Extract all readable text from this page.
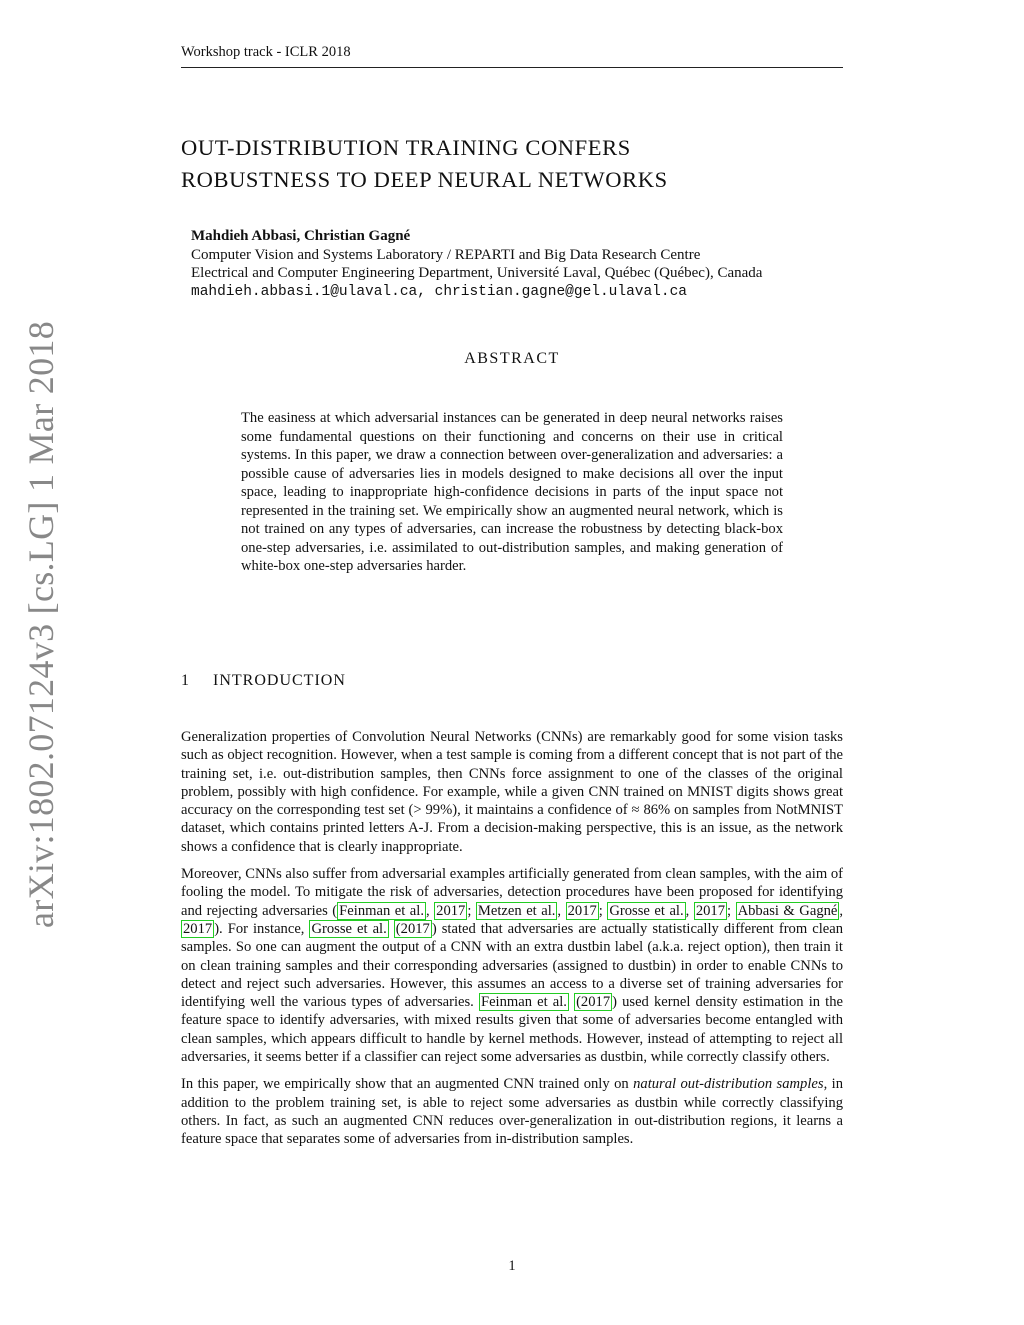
Workshop track - ICLR 2018
arXiv:1802.07124v3 [cs.LG] 1 Mar 2018
OUT-DISTRIBUTION TRAINING CONFERS
ROBUSTNESS TO DEEP NEURAL NETWORKS
Mahdieh Abbasi, Christian Gagné
Computer Vision and Systems Laboratory / REPARTI and Big Data Research Centre
Electrical and Computer Engineering Department, Université Laval, Québec (Québec), Canada
mahdieh.abbasi.1@ulaval.ca, christian.gagne@gel.ulaval.ca
ABSTRACT
The easiness at which adversarial instances can be generated in deep neural networks raises some fundamental questions on their functioning and concerns on their use in critical systems. In this paper, we draw a connection between over-generalization and adversaries: a possible cause of adversaries lies in models designed to make decisions all over the input space, leading to inappropriate high-confidence decisions in parts of the input space not represented in the training set. We empirically show an augmented neural network, which is not trained on any types of adversaries, can increase the robustness by detecting black-box one-step adversaries, i.e. assimilated to out-distribution samples, and making generation of white-box one-step adversaries harder.
1 INTRODUCTION

Generalization properties of Convolution Neural Networks (CNNs) are remarkably good for some vision tasks such as object recognition. However, when a test sample is coming from a different concept that is not part of the training set, i.e. out-distribution samples, then CNNs force assignment to one of the classes of the original problem, possibly with high confidence. For example, while a given CNN trained on MNIST digits shows great accuracy on the corresponding test set (> 99%), it maintains a confidence of ≈ 86% on samples from NotMNIST dataset, which contains printed letters A-J. From a decision-making perspective, this is an issue, as the network shows a confidence that is clearly inappropriate.

Moreover, CNNs also suffer from adversarial examples artificially generated from clean samples, with the aim of fooling the model. To mitigate the risk of adversaries, detection procedures have been proposed for identifying and rejecting adversaries ( Feinman et al. , 2017 ; Metzen et al. , 2017 ; Grosse et al. , 2017 ; Abbasi & Gagné , 2017 ). For instance, Grosse et al. (2017 ) stated that adversaries are actually statistically different from clean samples. So one can augment the output of a CNN with an extra dustbin label (a.k.a. reject option), then train it on clean training samples and their corresponding adversaries (assigned to dustbin) in order to enable CNNs to detect and reject such adversaries. However, this assumes an access to a diverse set of training adversaries for identifying well the various types of adversaries. Feinman et al. (2017 ) used kernel density estimation in the feature space to identify adversaries, with mixed results given that some of adversaries become entangled with clean samples, which appears difficult to handle by kernel methods. However, instead of attempting to reject all adversaries, it seems better if a classifier can reject some adversaries as dustbin, while correctly classify others.

In this paper, we empirically show that an augmented CNN trained only on natural out-distribution samples, in addition to the problem training set, is able to reject some adversaries as dustbin while correctly classifying others. In fact, as such an augmented CNN reduces over-generalization in out-distribution regions, it learns a feature space that separates some of adversaries from in-distribution samples.

1
